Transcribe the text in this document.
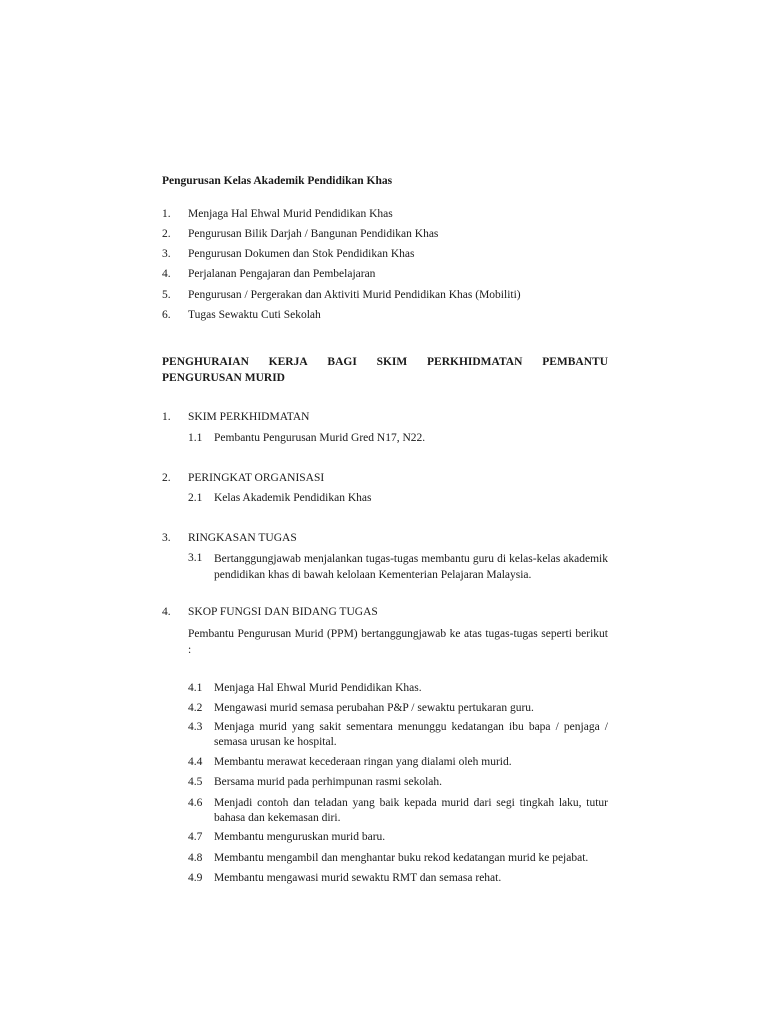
Pengurusan Kelas Akademik Pendidikan Khas
1. Menjaga Hal Ehwal Murid Pendidikan Khas
2. Pengurusan Bilik Darjah / Bangunan Pendidikan Khas
3. Pengurusan Dokumen dan Stok Pendidikan Khas
4. Perjalanan Pengajaran dan Pembelajaran
5. Pengurusan / Pergerakan dan Aktiviti Murid Pendidikan Khas (Mobiliti)
6. Tugas Sewaktu Cuti Sekolah
PENGHURAIAN KERJA BAGI SKIM PERKHIDMATAN PEMBANTU
PENGURUSAN MURID
1. SKIM PERKHIDMATAN
1.1 Pembantu Pengurusan Murid Gred N17, N22.
2. PERINGKAT ORGANISASI
2.1 Kelas Akademik Pendidikan Khas
3. RINGKASAN TUGAS
3.1 Bertanggungjawab menjalankan tugas-tugas membantu guru di kelas-kelas akademik pendidikan khas di bawah kelolaan Kementerian Pelajaran Malaysia.
4. SKOP FUNGSI DAN BIDANG TUGAS
Pembantu Pengurusan Murid (PPM) bertanggungjawab ke atas tugas-tugas seperti berikut :
4.1 Menjaga Hal Ehwal Murid Pendidikan Khas.
4.2 Mengawasi murid semasa perubahan P&P / sewaktu pertukaran guru.
4.3 Menjaga murid yang sakit sementara menunggu kedatangan ibu bapa / penjaga / semasa urusan ke hospital.
4.4 Membantu merawat kecederaan ringan yang dialami oleh murid.
4.5 Bersama murid pada perhimpunan rasmi sekolah.
4.6 Menjadi contoh dan teladan yang baik kepada murid dari segi tingkah laku, tutur bahasa dan kekemasan diri.
4.7 Membantu menguruskan murid baru.
4.8 Membantu mengambil dan menghantar buku rekod kedatangan murid ke pejabat.
4.9 Membantu mengawasi murid sewaktu RMT dan semasa rehat.
